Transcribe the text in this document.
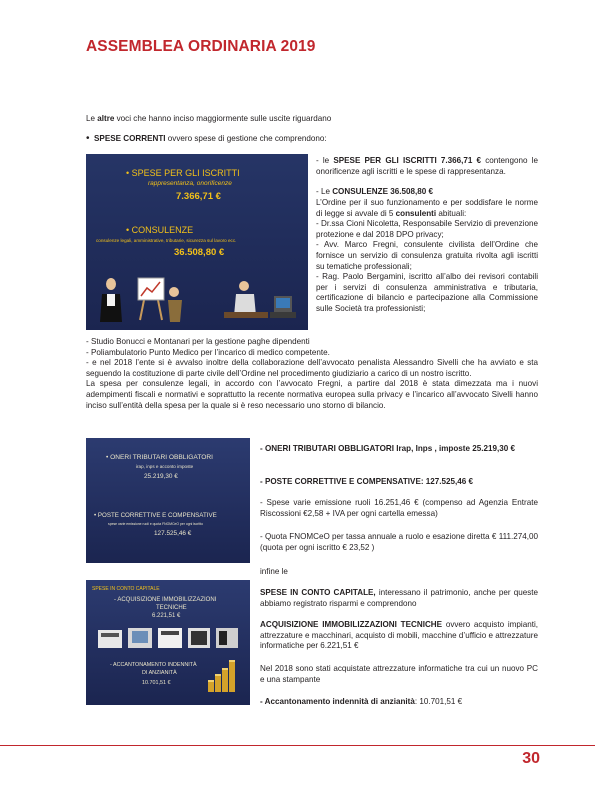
ASSEMBLEA ORDINARIA 2019
Le altre voci che hanno inciso maggiormente sulle uscite riguardano
• SPESE CORRENTI ovvero spese di gestione che comprendono:
• SPESE PER GLI ISCRITTI
rappresentanza, onorificenze
7.366,71 €
• CONSULENZE
consulenze legali, amministrative, tributarie, sicurezza sul lavoro ecc.
36.508,80 €
- le SPESE PER GLI ISCRITTI 7.366,71 € contengono le onorificenze agli iscritti e le spese di rappresentanza.
- Le CONSULENZE 36.508,80 €
L’Ordine per il suo funzionamento e per soddisfare le norme di legge si avvale di 5 consulenti abituali:
- Dr.ssa Cioni Nicoletta, Responsabile Servizio di prevenzione protezione e dal 2018 DPO privacy;
- Avv. Marco Fregni, consulente civilista dell’Ordine che fornisce un servizio di consulenza gratuita rivolta agli iscritti su tematiche professionali;
- Rag. Paolo Bergamini, iscritto all’albo dei revisori contabili per i servizi di consulenza amministrativa e tributaria, certificazione di bilancio e partecipazione alla Commissione sulle Società tra professionisti;
- Studio Bonucci e Montanari per la gestione paghe dipendenti
- Poliambulatorio Punto Medico per l’incarico di medico competente.
- e nel 2018 l’ente si è avvalso inoltre della collaborazione dell’avvocato penalista Alessandro Sivelli che ha avviato e sta seguendo la costituzione di parte civile dell’Ordine nel procedimento giudiziario a carico di un nostro iscritto.
La spesa per consulenze legali, in accordo con l’avvocato Fregni, a partire dal 2018 è stata dimezzata ma i nuovi adempimenti fiscali e normativi e soprattutto la recente normativa europea sulla privacy e l’incarico all’avvocato Sivelli hanno inciso sull’entità della spesa per la quale si è reso necessario uno storno di bilancio.
• ONERI TRIBUTARI OBBLIGATORI
irap, inps e acconto imposte
25.219,30 €
• POSTE CORRETTIVE E COMPENSATIVE
spese varie emissione ruoli e quota FNOMCeO per ogni iscritto
127.525,46 €
- ONERI TRIBUTARI OBBLIGATORI Irap, Inps , imposte 25.219,30 €
- POSTE CORRETTIVE E COMPENSATIVE: 127.525,46 €
- Spese varie emissione ruoli 16.251,46 € (compenso ad Agenzia Entrate Riscossioni €2,58 + IVA per ogni cartella emessa)
- Quota FNOMCeO per tassa annuale a ruolo e esazione diretta € 111.274,00 (quota per ogni iscritto € 23,52 )
infine le
SPESE IN CONTO CAPITALE, interessano il patrimonio, anche per queste abbiamo registrato risparmi e comprendono
ACQUISIZIONE IMMOBILIZZAZIONI TECNICHE ovvero acquisto impianti, attrezzature e macchinari, acquisto di mobili, macchine d’ufficio e attrezzature informatiche per 6.221,51 €
Nel 2018 sono stati acquistate attrezzature informatiche tra cui un nuovo PC e una stampante
- Accantonamento indennità di anzianità: 10.701,51 €
SPESE IN CONTO CAPITALE
- ACQUISIZIONE IMMOBILIZZAZIONI
TECNICHE
6.221,51 €
- ACCANTONAMENTO INDENNITÀ
DI ANZIANITÀ
10.701,51 €
30
